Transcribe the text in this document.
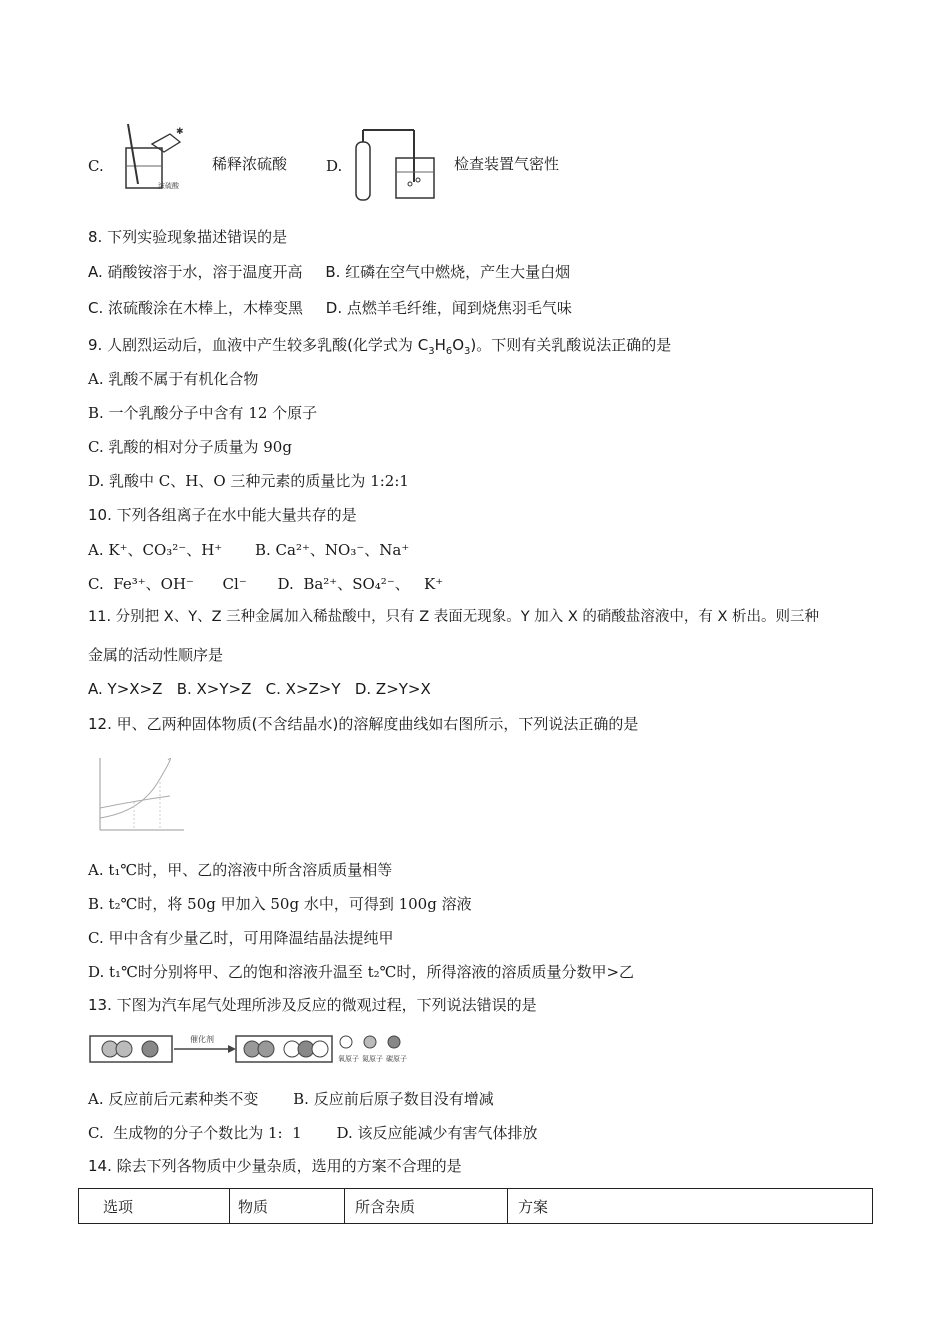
C.
✱
浓硫酸
稀释浓硫酸	D.	检查装置气密性
8. 下列实验现象描述错误的是
A. 硝酸铵溶于水，溶于温度开高 B. 红磷在空气中燃烧，产生大量白烟
C. 浓硫酸涂在木棒上，木棒变黑 D. 点燃羊毛纤维，闻到烧焦羽毛气味
9. 人剧烈运动后，血液中产生较多乳酸(化学式为 $C_3H_6O_3$)。下则有关乳酸说法正确的是
A. 乳酸不属于有机化合物
B. 一个乳酸分子中含有 12 个原子
C. 乳酸的相对分子质量为 90g
D. 乳酸中 C、H、O 三种元素的质量比为 1:2:1
10. 下列各组离子在水中能大量共存的是
A. K⁺、CO₃²⁻、H⁺ B. Ca²⁺、NO₃⁻、Na⁺
C.  Fe³⁺、OH⁻      Cl⁻ D.  Ba²⁺、SO₄²⁻、   K⁺
11. 分别把 X、Y、Z 三种金属加入稀盐酸中，只有 Z 表面无现象。Y 加入 X 的硝酸盐溶液中，有 X 析出。则三种
金属的活动性顺序是
A. Y>X>Z   B. X>Y>Z   C. X>Z>Y   D. Z>Y>X
12. 甲、乙两种固体物质(不含结晶水)的溶解度曲线如右图所示，下列说法正确的是
A. t₁℃时，甲、乙的溶液中所含溶质质量相等
B. t₂℃时，将 50g 甲加入 50g 水中，可得到 100g 溶液
C. 甲中含有少量乙时，可用降温结晶法提纯甲
D. t₁℃时分别将甲、乙的饱和溶液升温至 t₂℃时，所得溶液的溶质质量分数甲>乙
13. 下图为汽车尾气处理所涉及反应的微观过程，下列说法错误的是
催化剂
氧原子 氮原子 碳原子
A. 反应前后元素种类不变 B. 反应前后原子数目没有增减
C.  生成物的分子个数比为 1:  1 D. 该反应能减少有害气体排放
14. 除去下列各物质中少量杂质，选用的方案不合理的是
选项	物质	所含杂质	方案
